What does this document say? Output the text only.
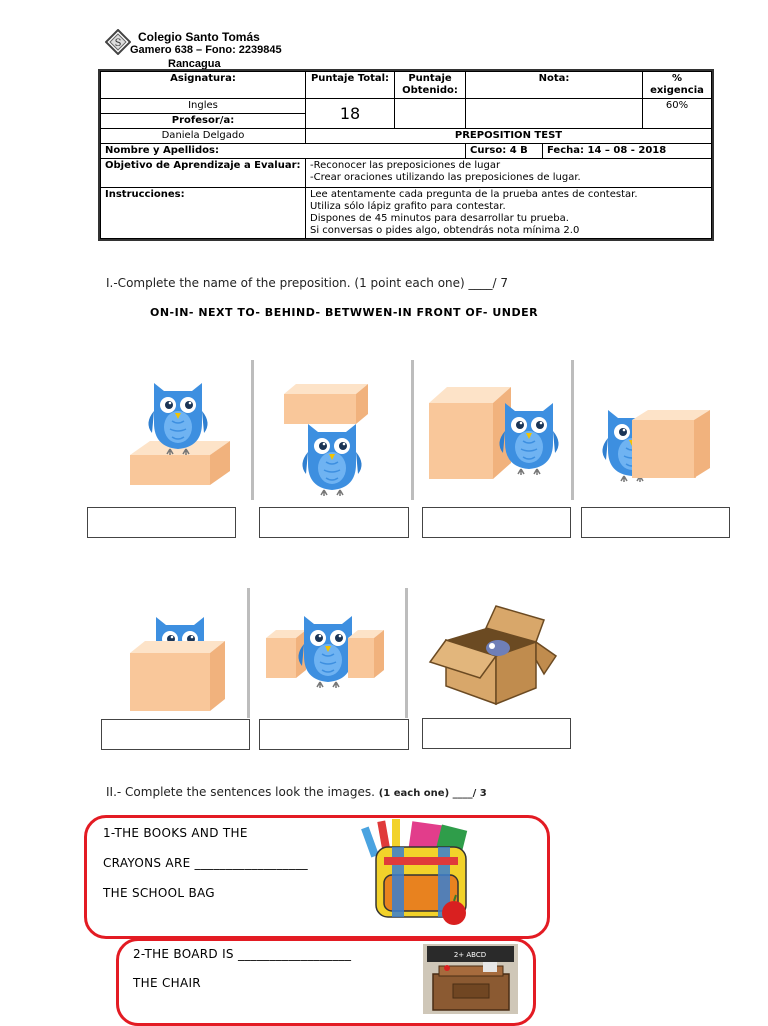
S Colegio Santo Tomás
Gamero 638 – Fono: 2239845
Rancagua
Asignatura:	Puntaje Total:	Puntaje Obtenido:	Nota:		% exigencia
Ingles	18				60%
Profesor/a:					
Daniela Delgado	PREPOSITION TEST				
Nombre y Apellidos:			Curso: 4 B	Fecha: 14 – 08 - 2018	
Objetivo de Aprendizaje a Evaluar:	-Reconocer las preposiciones de lugar
-Crear oraciones utilizando las preposiciones de lugar.				

Instrucciones:	Lee atentamente cada pregunta de la prueba antes de contestar.
Utiliza sólo lápiz grafito para contestar.
Dispones de 45 minutos para desarrollar tu prueba.
Si conversas o pides algo, obtendrás nota mínima 2.0				
I.-Complete the name of the preposition. (1 point each one) ____/ 7
ON-IN- NEXT TO- BEHIND- BETWWEN-IN FRONT OF- UNDER
II.- Complete the sentences look the images. (1 each one) ____/ 3
1-THE BOOKS AND THE
CRAYONS ARE __________________
THE SCHOOL BAG
2-THE BOARD IS __________________
THE CHAIR
2+ ABCD
